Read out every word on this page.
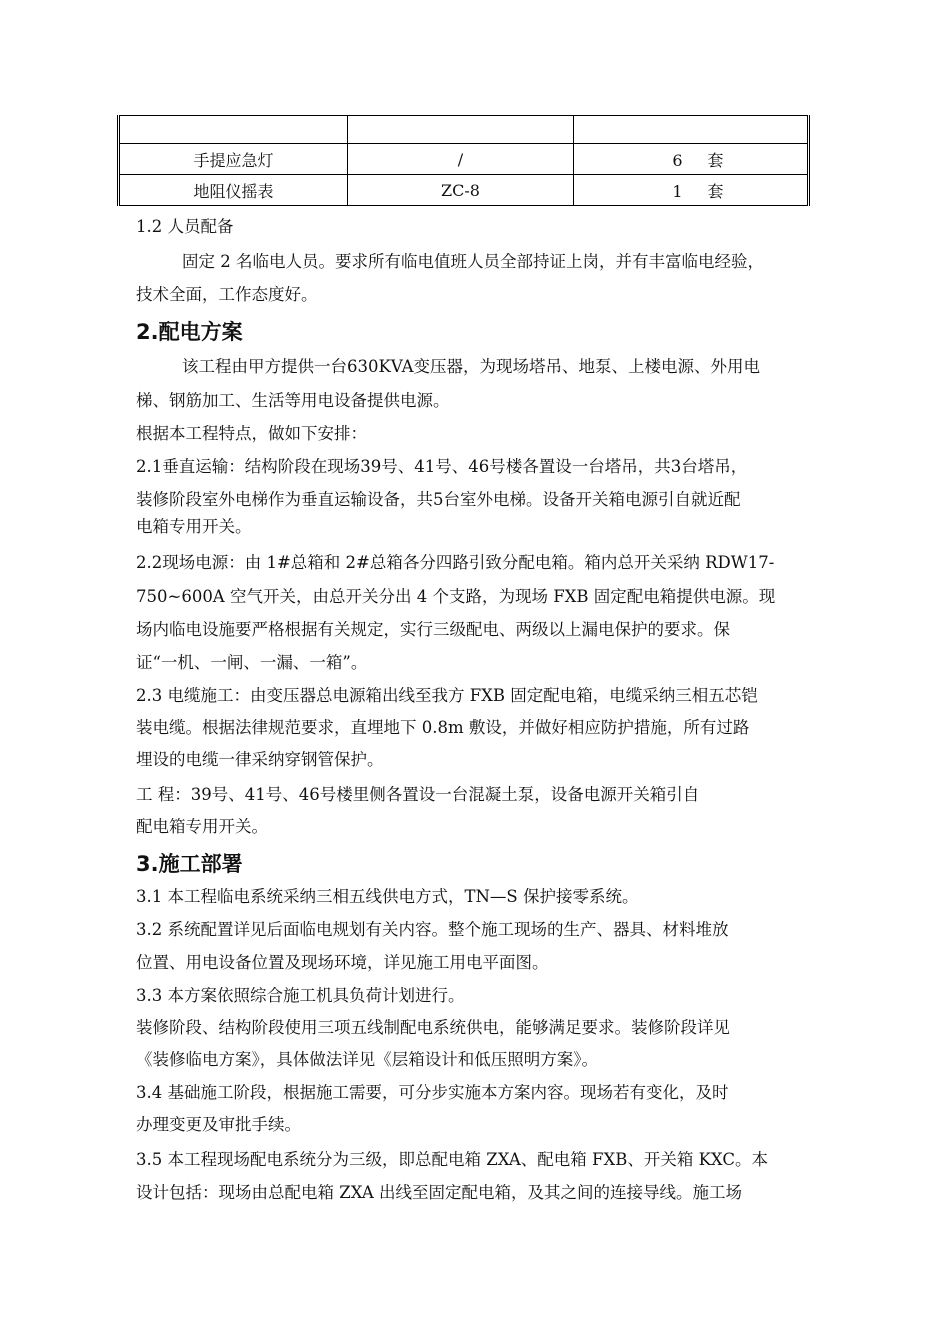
手提应急灯	/	6 套
地阻仪摇表	ZC-8	1 套
1.2 人员配备
固定 2 名临电人员。要求所有临电值班人员全部持证上岗，并有丰富临电经验，
技术全面，工作态度好。
2.配电方案
该工程由甲方提供一台630KVA变压器，为现场塔吊、地泵、上楼电源、外用电
梯、钢筋加工、生活等用电设备提供电源。
根据本工程特点，做如下安排：
2.1垂直运输：结构阶段在现场39号、41号、46号楼各置设一台塔吊，共3台塔吊，
装修阶段室外电梯作为垂直运输设备，共5台室外电梯。设备开关箱电源引自就近配
电箱专用开关。
2.2现场电源：由 1#总箱和 2#总箱各分四路引致分配电箱。箱内总开关采纳 RDW17-
750~600A 空气开关，由总开关分出 4 个支路，为现场 FXB 固定配电箱提供电源。现
场内临电设施要严格根据有关规定，实行三级配电、两级以上漏电保护的要求。保
证“一机、一闸、一漏、一箱”。
2.3 电缆施工：由变压器总电源箱出线至我方 FXB 固定配电箱，电缆采纳三相五芯铠
装电缆。根据法律规范要求，直埋地下 0.8m 敷设，并做好相应防护措施，所有过路
埋设的电缆一律采纳穿钢管保护。
工 程：39号、41号、46号楼里侧各置设一台混凝土泵，设备电源开关箱引自
配电箱专用开关。
3.施工部署
3.1 本工程临电系统采纳三相五线供电方式，TN—S 保护接零系统。
3.2 系统配置详见后面临电规划有关内容。整个施工现场的生产、器具、材料堆放
位置、用电设备位置及现场环境，详见施工用电平面图。
3.3 本方案依照综合施工机具负荷计划进行。
装修阶段、结构阶段使用三项五线制配电系统供电，能够满足要求。装修阶段详见
《装修临电方案》，具体做法详见《层箱设计和低压照明方案》。
3.4 基础施工阶段，根据施工需要，可分步实施本方案内容。现场若有变化，及时
办理变更及审批手续。
3.5 本工程现场配电系统分为三级，即总配电箱 ZXA、配电箱 FXB、开关箱 KXC。本
设计包括：现场由总配电箱 ZXA 出线至固定配电箱，及其之间的连接导线。施工场
